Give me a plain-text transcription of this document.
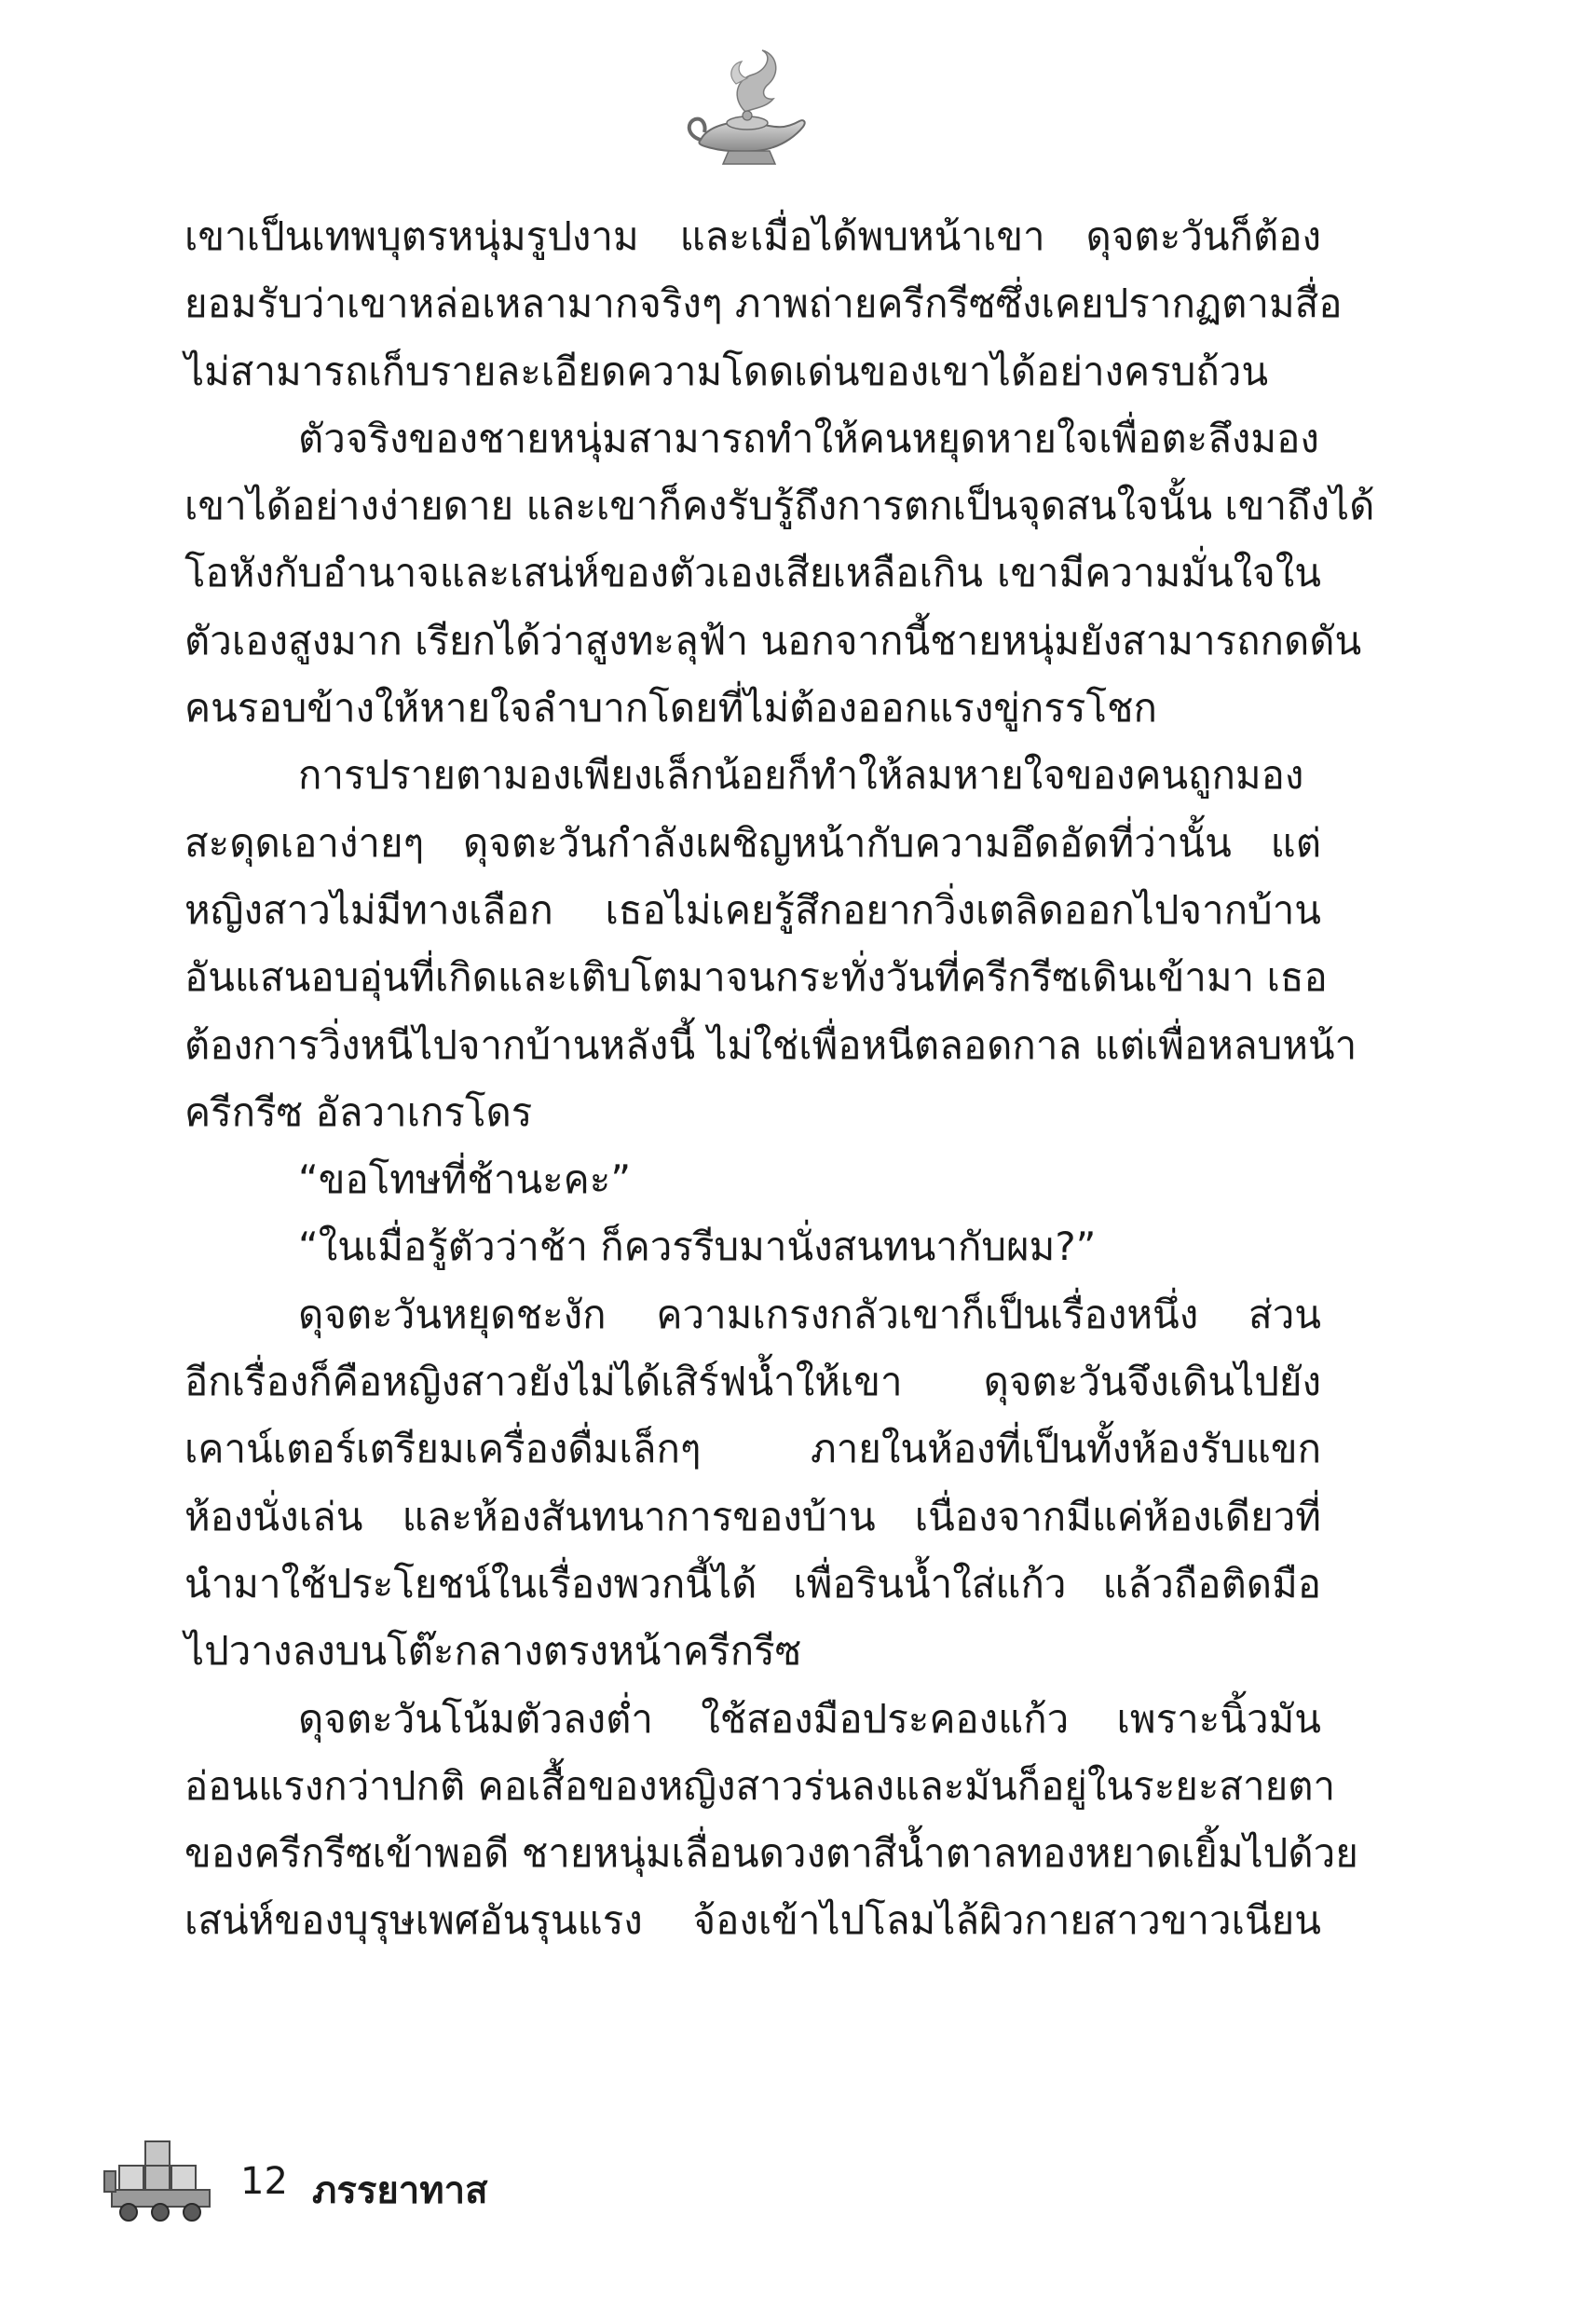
เขาเป็นเทพบุตรหนุ่มรูปงาม และเมื่อได้พบหน้าเขา ดุจตะวันก็ต้อง
ยอมรับว่าเขาหล่อเหลามากจริงๆ ภาพถ่ายครีกรีซซึ่งเคยปรากฏตามสื่อ
ไม่สามารถเก็บรายละเอียดความโดดเด่นของเขาได้อย่างครบถ้วน
ตัวจริงของชายหนุ่มสามารถทำให้คนหยุดหายใจเพื่อตะลึงมอง
เขาได้อย่างง่ายดาย และเขาก็คงรับรู้ถึงการตกเป็นจุดสนใจนั้น เขาถึงได้
โอหังกับอำนาจและเสน่ห์ของตัวเองเสียเหลือเกิน เขามีความมั่นใจใน
ตัวเองสูงมาก เรียกได้ว่าสูงทะลุฟ้า นอกจากนี้ชายหนุ่มยังสามารถกดดัน
คนรอบข้างให้หายใจลำบากโดยที่ไม่ต้องออกแรงขู่กรรโชก
การปรายตามองเพียงเล็กน้อยก็ทำให้ลมหายใจของคนถูกมอง
สะดุดเอาง่ายๆ ดุจตะวันกำลังเผชิญหน้ากับความอึดอัดที่ว่านั้น แต่
หญิงสาวไม่มีทางเลือก เธอไม่เคยรู้สึกอยากวิ่งเตลิดออกไปจากบ้าน
อันแสนอบอุ่นที่เกิดและเติบโตมาจนกระทั่งวันที่ครีกรีซเดินเข้ามา เธอ
ต้องการวิ่งหนีไปจากบ้านหลังนี้ ไม่ใช่เพื่อหนีตลอดกาล แต่เพื่อหลบหน้า
ครีกรีซ อัลวาเกรโดร
“ขอโทษที่ช้านะคะ”
“ในเมื่อรู้ตัวว่าช้า ก็ควรรีบมานั่งสนทนากับผม?”
ดุจตะวันหยุดชะงัก ความเกรงกลัวเขาก็เป็นเรื่องหนึ่ง ส่วน
อีกเรื่องก็คือหญิงสาวยังไม่ได้เสิร์ฟน้ำให้เขา ดุจตะวันจึงเดินไปยัง
เคาน์เตอร์เตรียมเครื่องดื่มเล็กๆ ภายในห้องที่เป็นทั้งห้องรับแขก
ห้องนั่งเล่น และห้องสันทนาการของบ้าน เนื่องจากมีแค่ห้องเดียวที่
นำมาใช้ประโยชน์ในเรื่องพวกนี้ได้ เพื่อรินน้ำใส่แก้ว แล้วถือติดมือ
ไปวางลงบนโต๊ะกลางตรงหน้าครีกรีซ
ดุจตะวันโน้มตัวลงต่ำ ใช้สองมือประคองแก้ว เพราะนิ้วมัน
อ่อนแรงกว่าปกติ คอเสื้อของหญิงสาวร่นลงและมันก็อยู่ในระยะสายตา
ของครีกรีซเข้าพอดี ชายหนุ่มเลื่อนดวงตาสีน้ำตาลทองหยาดเยิ้มไปด้วย
เสน่ห์ของบุรุษเพศอันรุนแรง จ้องเข้าไปโลมไล้ผิวกายสาวขาวเนียน
12 ภรรยาทาส
